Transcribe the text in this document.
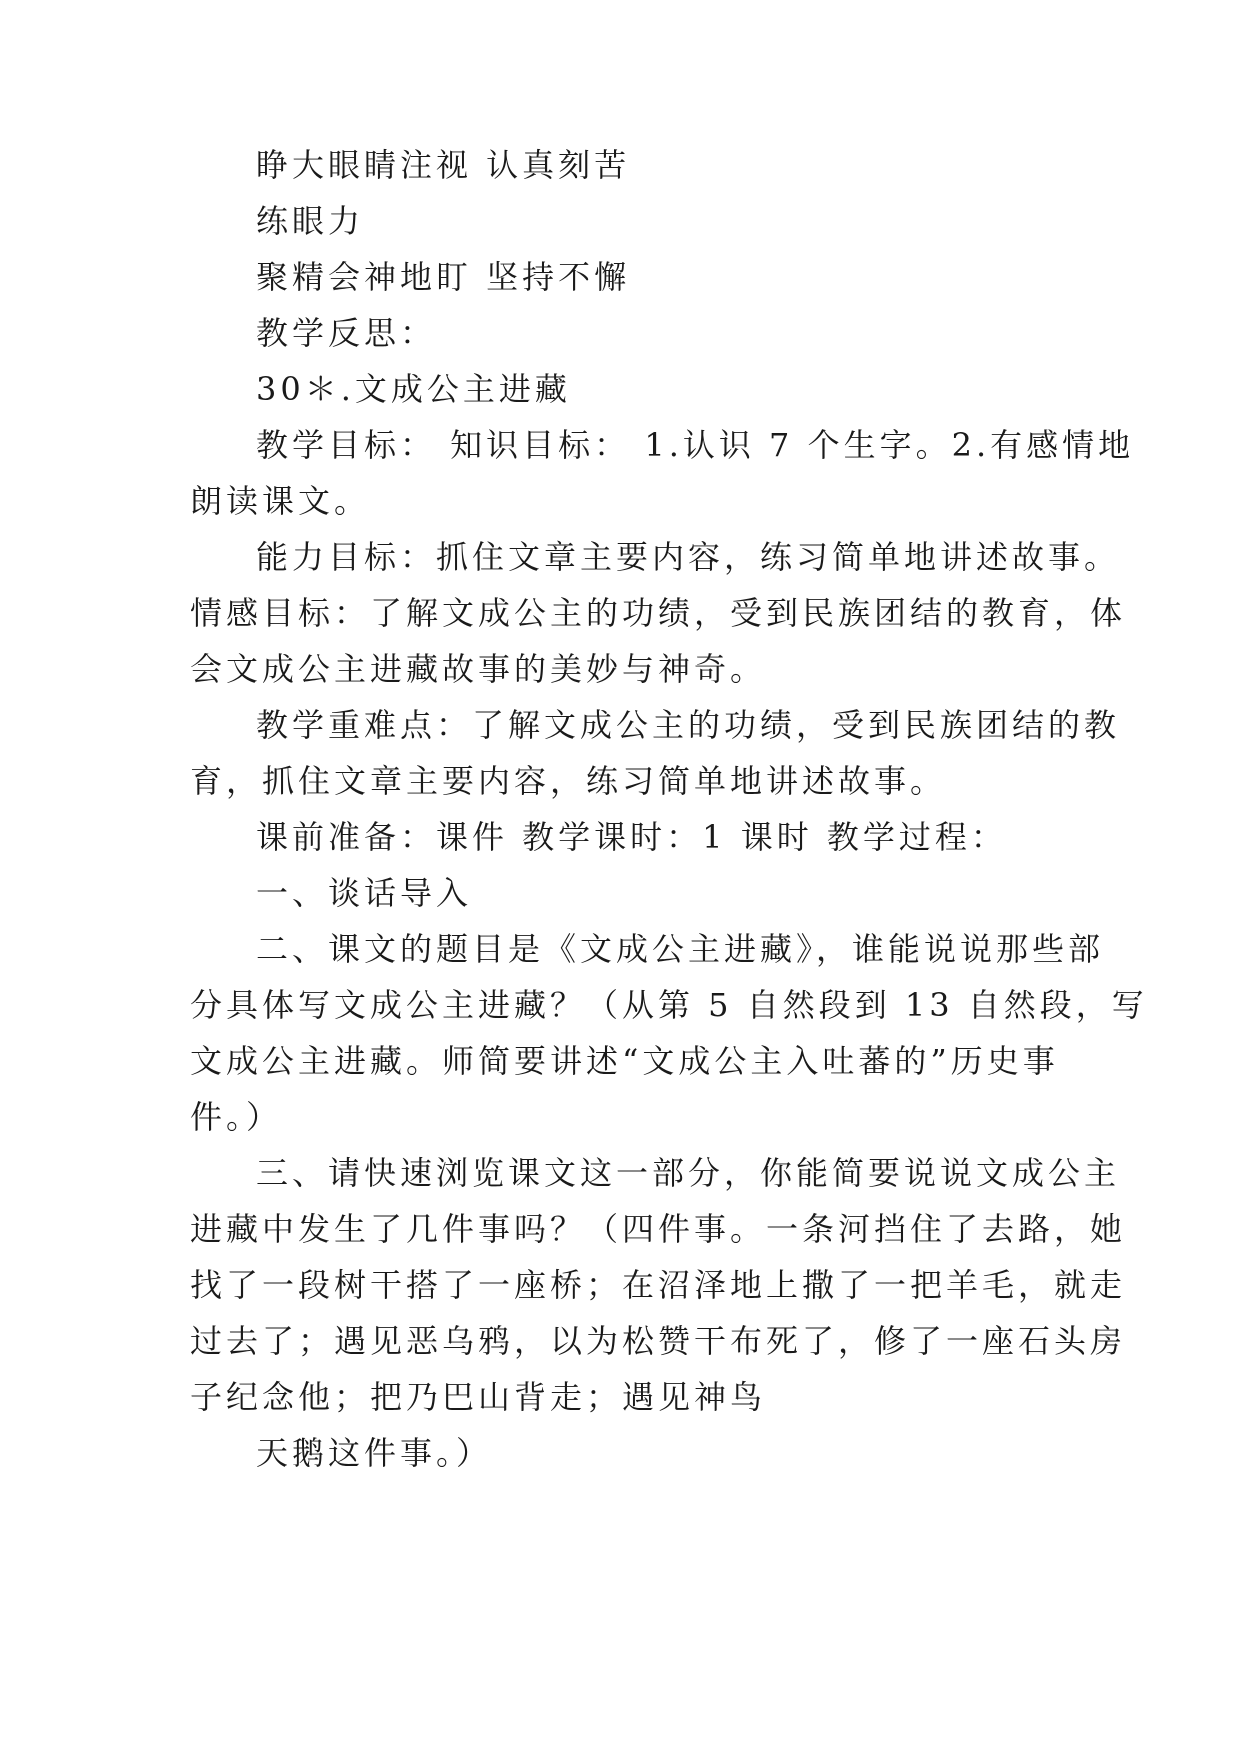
睁大眼睛注视 认真刻苦
练眼力
聚精会神地盯 坚持不懈
教学反思：
30＊.文成公主进藏
教学目标： 知识目标： 1.认识 7 个生字。2.有感情地
朗读课文。
能力目标：抓住文章主要内容，练习简单地讲述故事。
情感目标：了解文成公主的功绩，受到民族团结的教育，体
会文成公主进藏故事的美妙与神奇。
教学重难点：了解文成公主的功绩，受到民族团结的教
育，抓住文章主要内容，练习简单地讲述故事。
课前准备：课件 教学课时：1 课时 教学过程：
一、谈话导入
二、课文的题目是《文成公主进藏》，谁能说说那些部
分具体写文成公主进藏？（从第 5 自然段到 13 自然段，写
文成公主进藏。师简要讲述“文成公主入吐蕃的”历史事
件。）
三、请快速浏览课文这一部分，你能简要说说文成公主
进藏中发生了几件事吗？（四件事。一条河挡住了去路，她
找了一段树干搭了一座桥；在沼泽地上撒了一把羊毛，就走
过去了；遇见恶乌鸦，以为松赞干布死了，修了一座石头房
子纪念他；把乃巴山背走；遇见神鸟
天鹅这件事。）
